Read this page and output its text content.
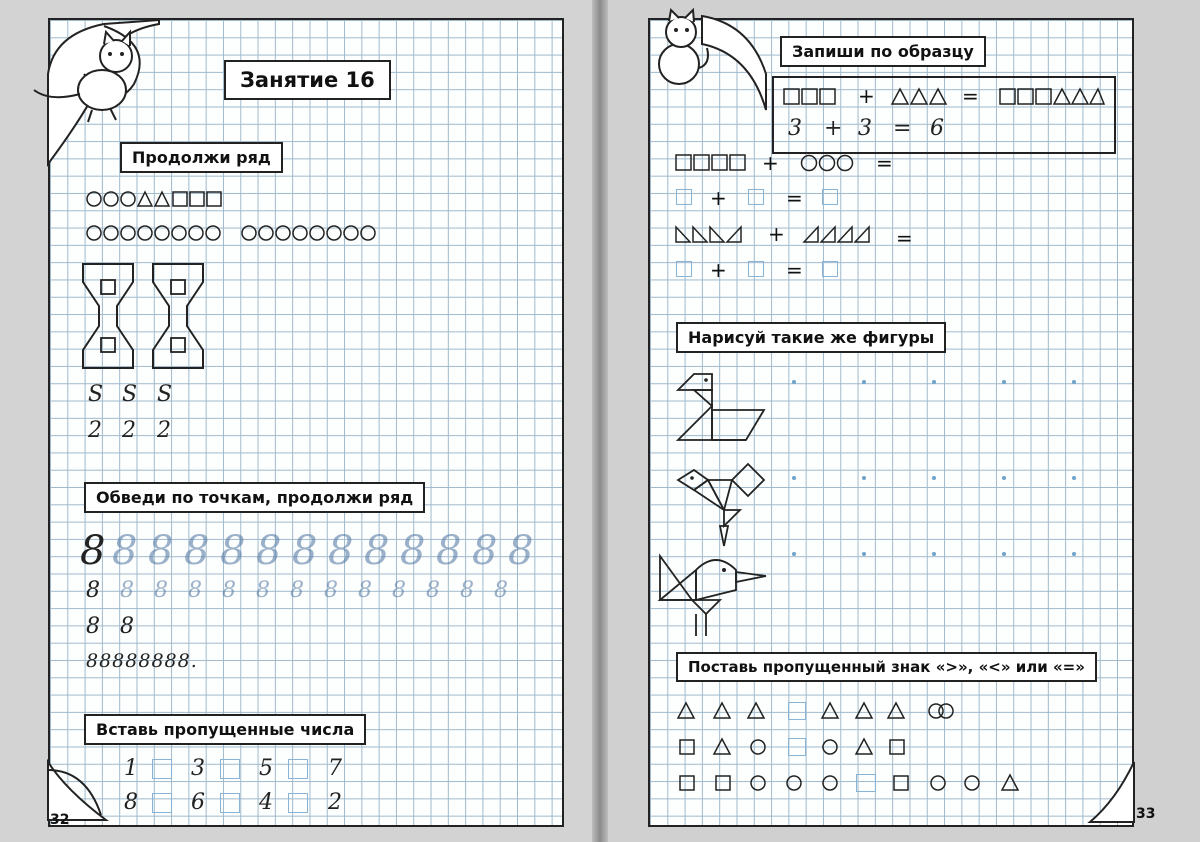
Занятие 16
Продолжи ряд
S S S
2 2 2
Обведи по точкам, продолжи ряд
8 8 8 8 8 8 8 8 8 8 8 8 8
8 8 8 8 8 8 8 8 8 8 8 8 8
8 8
88888888.
Вставь пропущенные числа
1 3 5	7
8 6 4	2
32
Запиши по образцу
+	=
3 + 3 = 6
+	=
+	=
+	=
+	=
Нарисуй такие же фигуры
Поставь пропущенный знак «>», «<» или «=»
33
